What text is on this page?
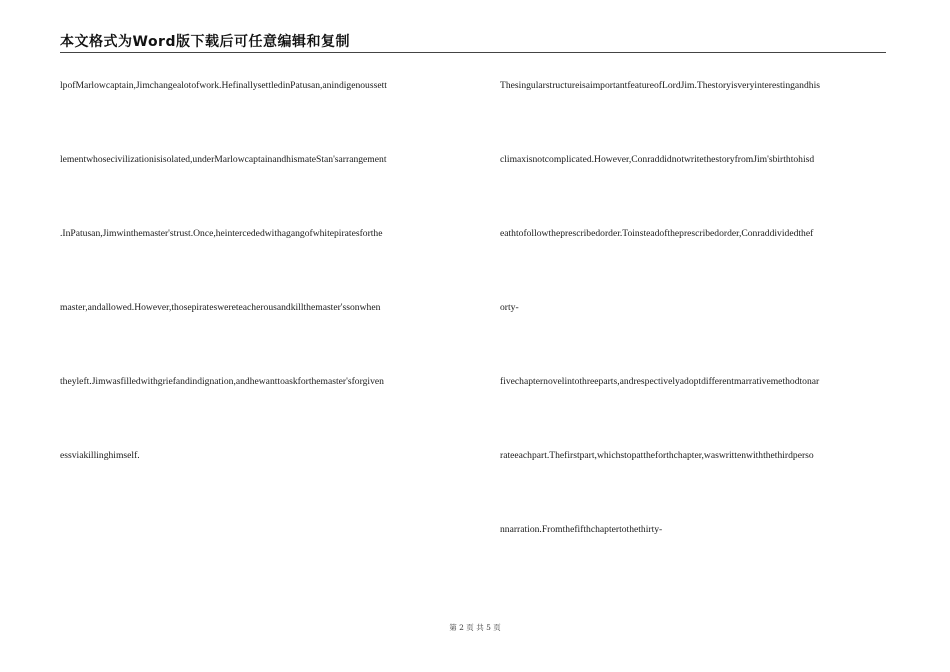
本文格式为Word版下载后可任意编辑和复制
lpofMarlowcaptain,Jimchangealotofwork.HefinallysettledinPatusan,anindigenoussett
lementwhosecivilizationisisolated,underMarlowcaptainandhismateStan'sarrangement
.InPatusan,Jimwinthemaster'strust.Once,heintercededwithagangofwhitepiratesforthe
master,andallowed.However,thosepirateswereteacherousandkillthemaster'ssonwhen
theyleft.Jimwasfilledwithgriefandindignation,andhewanttoaskforthemaster'sforgiven
essviakillinghimself.
ThesingularstructureisaimportantfeatureofLordJim.Thestoryisveryinterestingandhis
climaxisnotcomplicated.However,ConraddidnotwritethestoryfromJim'sbirthtohisd
eathtofollowtheprescribedorder.Toinsteadoftheprescribedorder,Conraddividedthef
orty-
fivechapternovelintothreeparts,andrespectivelyadoptdifferentmarrativemethodtonar
rateeachpart.Thefirstpart,whichstopattheforthchapter,waswrittenwiththethirdperso
nnarration.Fromthefifthchaptertothethirty-
第 2 页 共 5 页
